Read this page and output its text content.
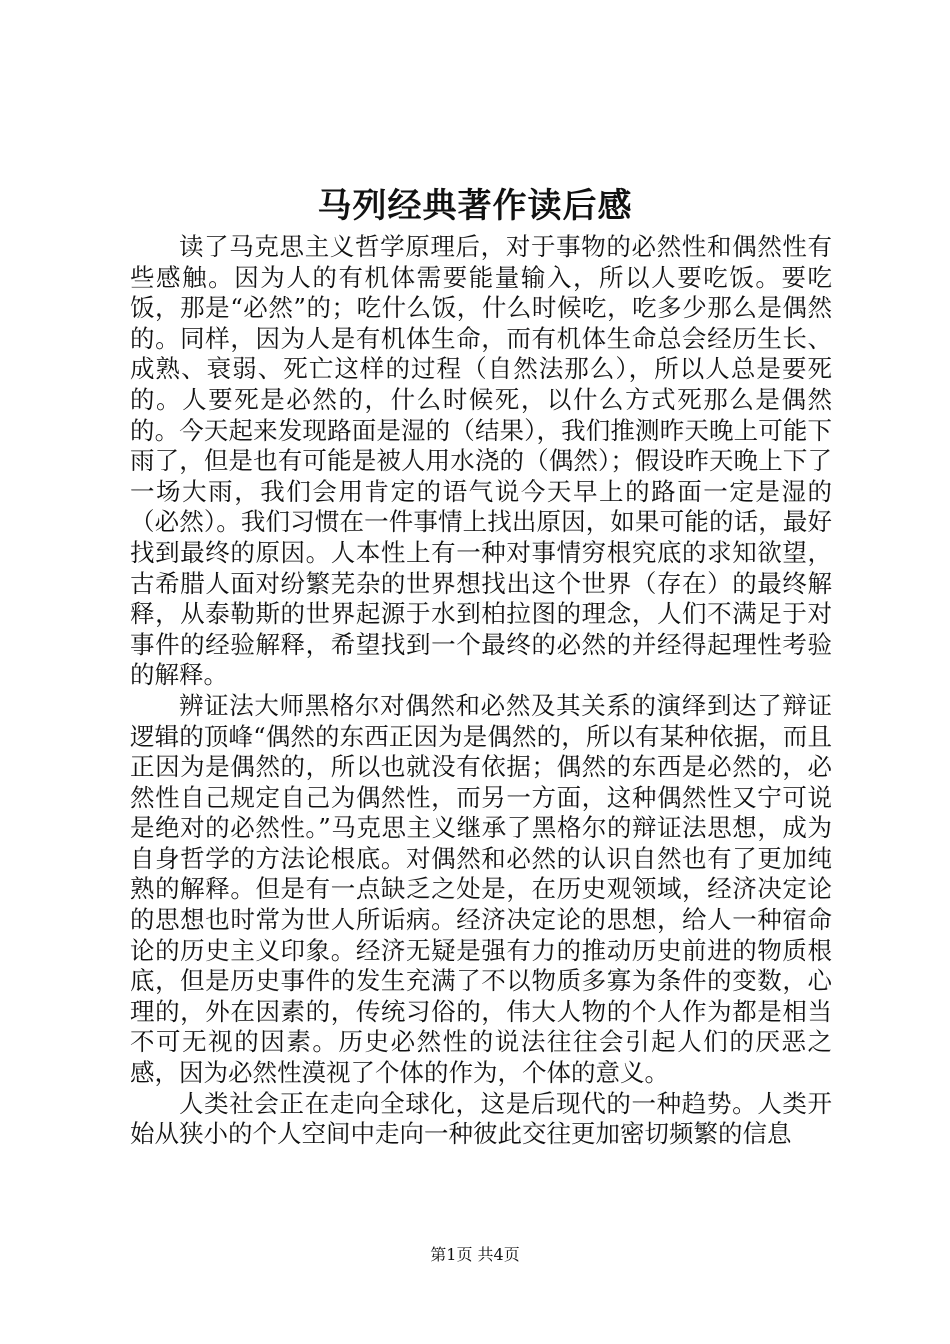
马列经典著作读后感

读了马克思主义哲学原理后，对于事物的必然性和偶然性有些感触。因为人的有机体需要能量输入，所以人要吃饭。要吃饭，那是“必然”的；吃什么饭，什么时候吃，吃多少那么是偶然的。同样，因为人是有机体生命，而有机体生命总会经历生长、成熟、衰弱、死亡这样的过程（自然法那么），所以人总是要死的。人要死是必然的，什么时候死，以什么方式死那么是偶然的。今天起来发现路面是湿的（结果），我们推测昨天晚上可能下雨了，但是也有可能是被人用水浇的（偶然）；假设昨天晚上下了一场大雨，我们会用肯定的语气说今天早上的路面一定是湿的（必然）。我们习惯在一件事情上找出原因，如果可能的话，最好找到最终的原因。人本性上有一种对事情穷根究底的求知欲望，古希腊人面对纷繁芜杂的世界想找出这个世界（存在）的最终解释，从泰勒斯的世界起源于水到柏拉图的理念，人们不满足于对事件的经验解释，希望找到一个最终的必然的并经得起理性考验的解释。

辨证法大师黑格尔对偶然和必然及其关系的演绎到达了辩证逻辑的顶峰“偶然的东西正因为是偶然的，所以有某种依据，而且正因为是偶然的，所以也就没有依据；偶然的东西是必然的，必然性自己规定自己为偶然性，而另一方面，这种偶然性又宁可说是绝对的必然性。”马克思主义继承了黑格尔的辩证法思想，成为自身哲学的方法论根底。对偶然和必然的认识自然也有了更加纯熟的解释。但是有一点缺乏之处是，在历史观领域，经济决定论的思想也时常为世人所诟病。经济决定论的思想，给人一种宿命论的历史主义印象。经济无疑是强有力的推动历史前进的物质根底，但是历史事件的发生充满了不以物质多寡为条件的变数，心理的，外在因素的，传统习俗的，伟大人物的个人作为都是相当不可无视的因素。历史必然性的说法往往会引起人们的厌恶之感，因为必然性漠视了个体的作为，个体的意义。

人类社会正在走向全球化，这是后现代的一种趋势。人类开始从狭小的个人空间中走向一种彼此交往更加密切频繁的信息

第1页 共4页
